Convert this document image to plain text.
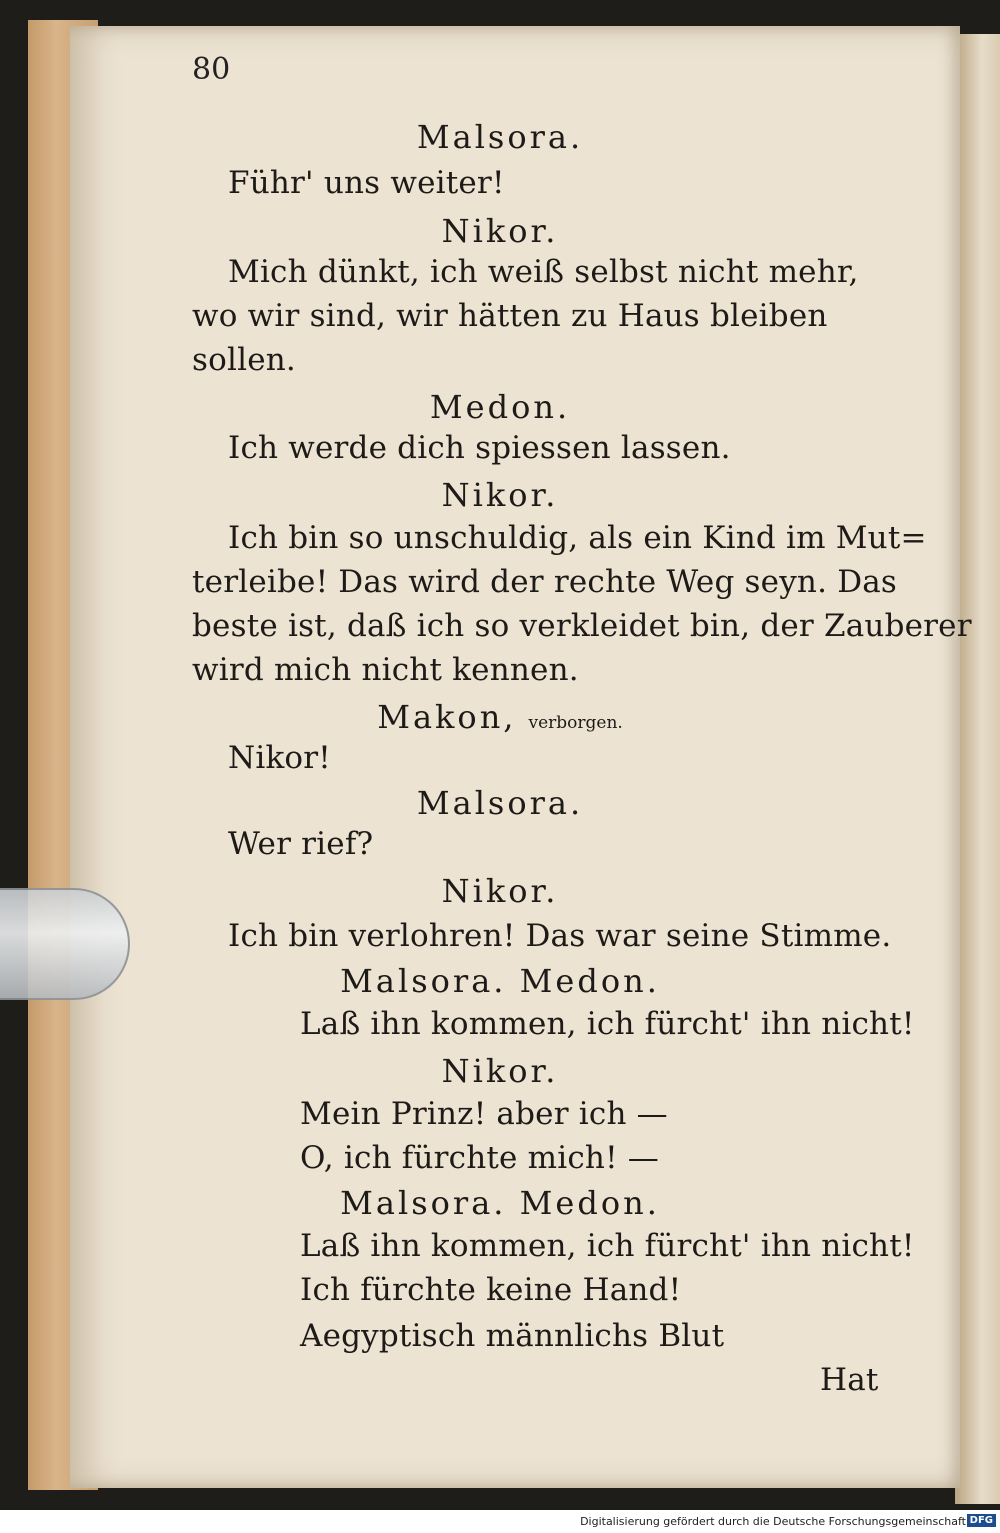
80
Malsora.
Führ' uns weiter!
Nikor.
Mich dünkt, ich weiß selbst nicht mehr,
wo wir sind, wir hätten zu Haus bleiben
sollen.
Medon.
Ich werde dich spiessen lassen.
Nikor.
Ich bin so unschuldig, als ein Kind im Mut=
terleibe! Das wird der rechte Weg seyn. Das
beste ist, daß ich so verkleidet bin, der Zauberer
wird mich nicht kennen.
Makon, verborgen.
Nikor!
Malsora.
Wer rief?
Nikor.
Ich bin verlohren! Das war seine Stimme.
Malsora. Medon.
Laß ihn kommen, ich fürcht' ihn nicht!
Nikor.
Mein Prinz! aber ich —
O, ich fürchte mich! —
Malsora. Medon.
Laß ihn kommen, ich fürcht' ihn nicht!
Ich fürchte keine Hand!
Aegyptisch männlichs Blut
Hat
Digitalisierung gefördert durch die Deutsche Forschungsgemeinschaft DFG
